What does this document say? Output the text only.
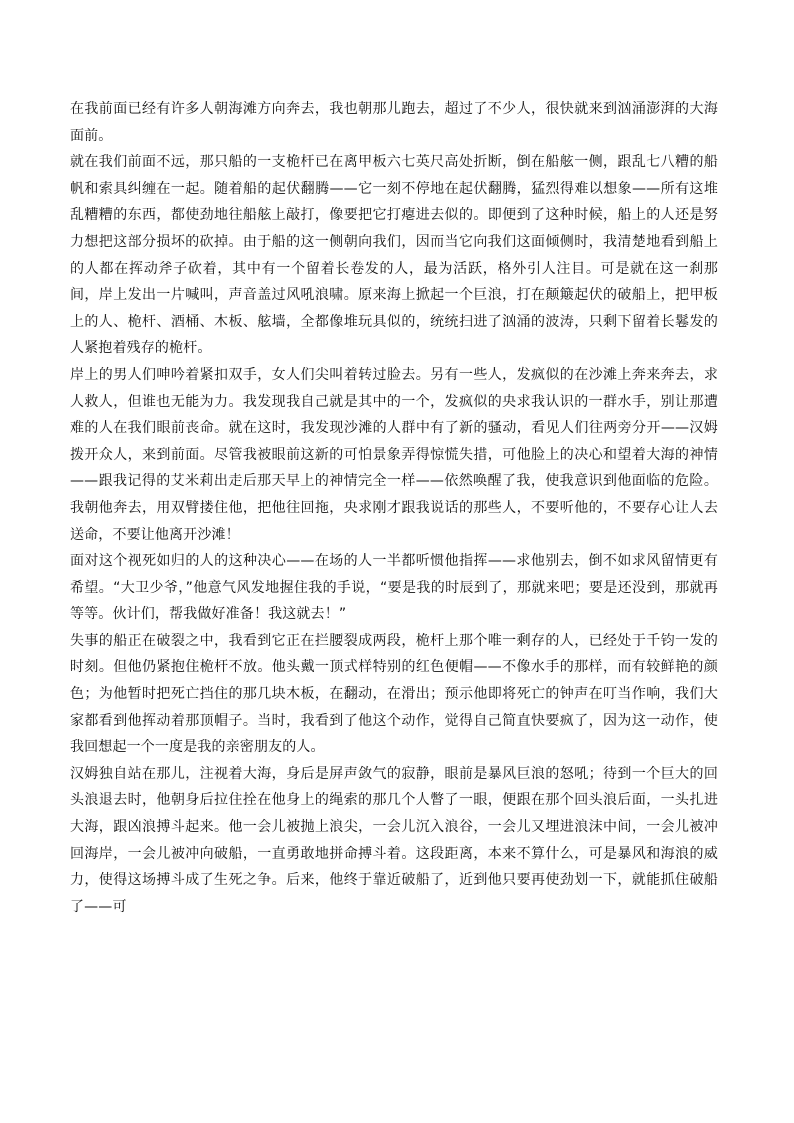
在我前面已经有许多人朝海滩方向奔去，我也朝那儿跑去，超过了不少人，很快就来到汹涌澎湃的大海面前。

就在我们前面不远，那只船的一支桅杆已在离甲板六七英尺高处折断，倒在船舷一侧，跟乱七八糟的船帆和索具纠缠在一起。随着船的起伏翻腾——它一刻不停地在起伏翻腾，猛烈得难以想象——所有这堆乱糟糟的东西，都使劲地往船舷上敲打，像要把它打瘪进去似的。即便到了这种时候，船上的人还是努力想把这部分损坏的砍掉。由于船的这一侧朝向我们，因而当它向我们这面倾侧时，我清楚地看到船上的人都在挥动斧子砍着，其中有一个留着长卷发的人，最为活跃，格外引人注目。可是就在这一刹那间，岸上发出一片喊叫，声音盖过风吼浪啸。原来海上掀起一个巨浪，打在颠簸起伏的破船上，把甲板上的人、桅杆、酒桶、木板、舷墙，全都像堆玩具似的，统统扫进了汹涌的波涛，只剩下留着长鬈发的人紧抱着残存的桅杆。

岸上的男人们呻吟着紧扣双手，女人们尖叫着转过脸去。另有一些人，发疯似的在沙滩上奔来奔去，求人救人，但谁也无能为力。我发现我自己就是其中的一个，发疯似的央求我认识的一群水手，别让那遭难的人在我们眼前丧命。就在这时，我发现沙滩的人群中有了新的骚动，看见人们往两旁分开——汉姆拨开众人，来到前面。尽管我被眼前这新的可怕景象弄得惊慌失措，可他脸上的决心和望着大海的神情——跟我记得的艾米莉出走后那天早上的神情完全一样——依然唤醒了我，使我意识到他面临的危险。我朝他奔去，用双臂搂住他，把他往回拖，央求刚才跟我说话的那些人，不要听他的，不要存心让人去送命，不要让他离开沙滩！

面对这个视死如归的人的这种决心——在场的人一半都听惯他指挥——求他别去，倒不如求风留情更有希望。“大卫少爷，”他意气风发地握住我的手说，“要是我的时辰到了，那就来吧；要是还没到，那就再等等。伙计们，帮我做好准备！我这就去！”

失事的船正在破裂之中，我看到它正在拦腰裂成两段，桅杆上那个唯一剩存的人，已经处于千钧一发的时刻。但他仍紧抱住桅杆不放。他头戴一顶式样特别的红色便帽——不像水手的那样，而有较鲜艳的颜色；为他暂时把死亡挡住的那几块木板，在翻动，在滑出；预示他即将死亡的钟声在叮当作响，我们大家都看到他挥动着那顶帽子。当时，我看到了他这个动作，觉得自己简直快要疯了，因为这一动作，使我回想起一个一度是我的亲密朋友的人。

汉姆独自站在那儿，注视着大海，身后是屏声敛气的寂静，眼前是暴风巨浪的怒吼；待到一个巨大的回头浪退去时，他朝身后拉住拴在他身上的绳索的那几个人瞥了一眼，便跟在那个回头浪后面，一头扎进大海，跟凶浪搏斗起来。他一会儿被抛上浪尖，一会儿沉入浪谷，一会儿又埋进浪沫中间，一会儿被冲回海岸，一会儿被冲向破船，一直勇敢地拼命搏斗着。这段距离，本来不算什么，可是暴风和海浪的威力，使得这场搏斗成了生死之争。后来，他终于靠近破船了，近到他只要再使劲划一下，就能抓住破船了——可
